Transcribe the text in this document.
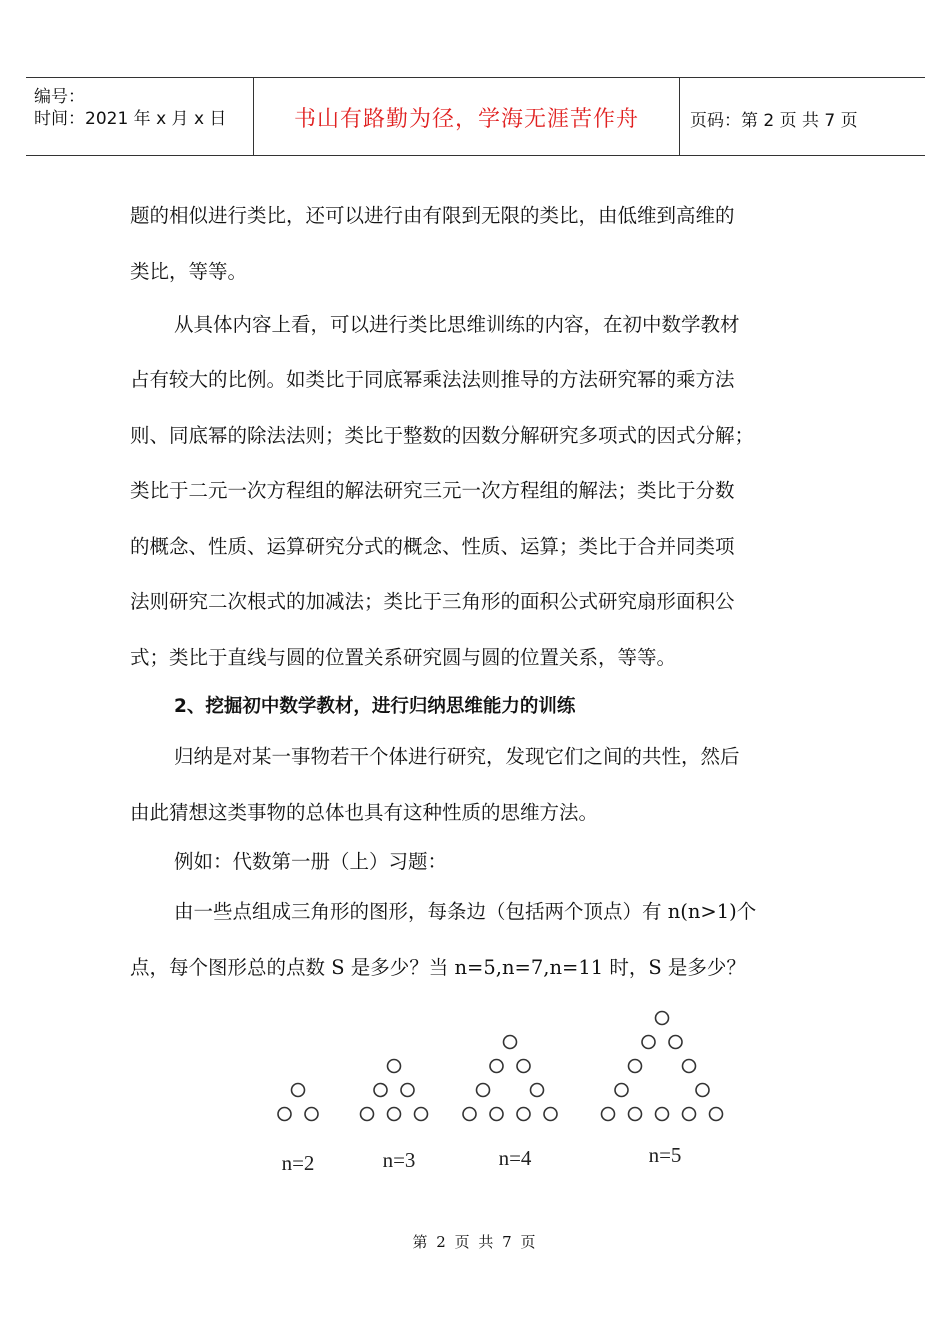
编号：
时间：2021 年 x 月 x 日	书山有路勤为径，学海无涯苦作舟	页码：第 2 页 共 7 页
题的相似进行类比，还可以进行由有限到无限的类比，由低维到高维的
类比，等等。
从具体内容上看，可以进行类比思维训练的内容，在初中数学教材
占有较大的比例。如类比于同底幂乘法法则推导的方法研究幂的乘方法
则、同底幂的除法法则；类比于整数的因数分解研究多项式的因式分解；
类比于二元一次方程组的解法研究三元一次方程组的解法；类比于分数
的概念、性质、运算研究分式的概念、性质、运算；类比于合并同类项
法则研究二次根式的加减法；类比于三角形的面积公式研究扇形面积公
式；类比于直线与圆的位置关系研究圆与圆的位置关系，等等。
2、挖掘初中数学教材，进行归纳思维能力的训练
归纳是对某一事物若干个体进行研究，发现它们之间的共性，然后
由此猜想这类事物的总体也具有这种性质的思维方法。
例如：代数第一册（上）习题：
由一些点组成三角形的图形，每条边（包括两个顶点）有 n(n>1)个
点，每个图形总的点数 S 是多少？当 n=5,n=7,n=11 时，S 是多少？
n=2	n=3	n=4	n=5
第 2 页 共 7 页
